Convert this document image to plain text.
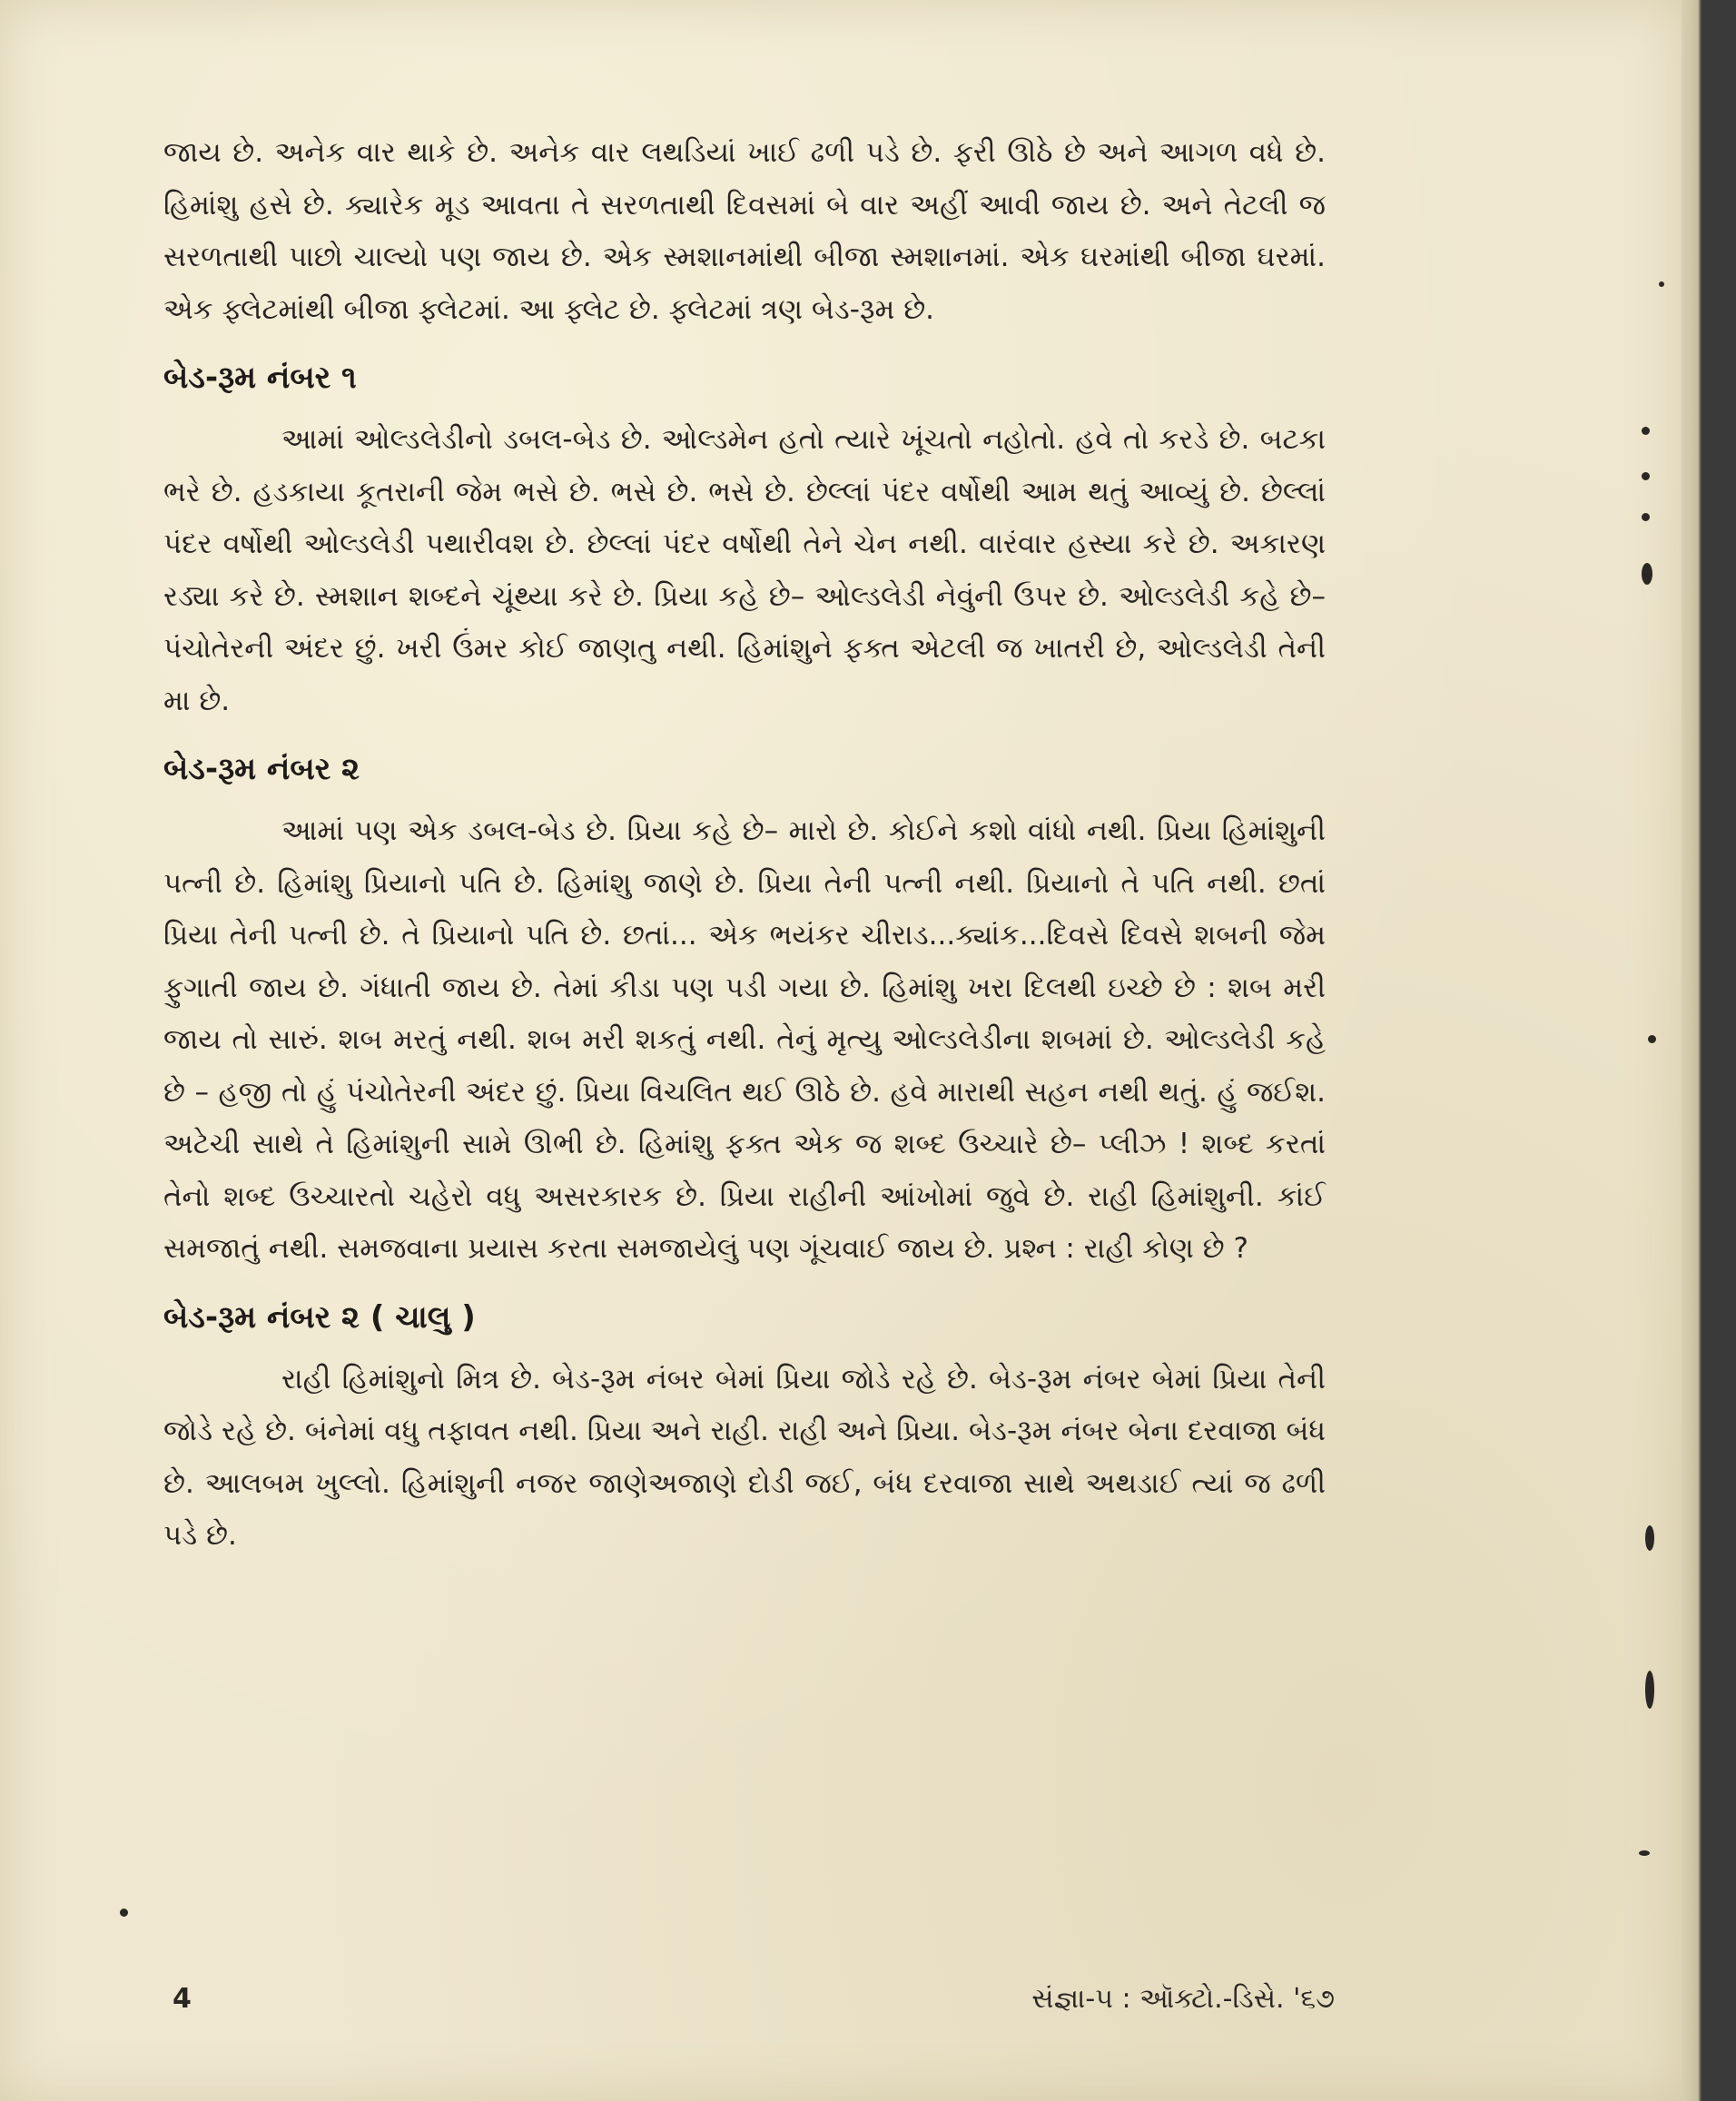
જાય છે. અનેક વાર થાકે છે. અનેક વાર લથડિયાં ખાઈ ઢળી પડે છે. ફરી ઊઠે છે અને આગળ વધે છે. હિમાંશુ હસે છે. ક્યારેક મૂડ આવતા તે સરળતાથી દિવસમાં બે વાર અહીં આવી જાય છે. અને તેટલી જ સરળતાથી પાછો ચાલ્યો પણ જાય છે. એક સ્મશાનમાંથી બીજા સ્મશાનમાં. એક ઘરમાંથી બીજા ઘરમાં. એક ફ્લેટમાંથી બીજા ફ્લેટમાં. આ ફ્લેટ છે. ફ્લેટમાં ત્રણ બેડ-રૂમ છે.

બેડ-રૂમ નંબર ૧

આમાં ઓલ્ડલેડીનો ડબલ-બેડ છે. ઓલ્ડમેન હતો ત્યારે ખૂંચતો નહોતો. હવે તો કરડે છે. બટકા ભરે છે. હડકાયા કૂતરાની જેમ ભસે છે. ભસે છે. ભસે છે. છેલ્લાં પંદર વર્ષોથી આમ થતું આવ્યું છે. છેલ્લાં પંદર વર્ષોથી ઓલ્ડલેડી પથારીવશ છે. છેલ્લાં પંદર વર્ષોથી તેને ચેન નથી. વારંવાર હસ્યા કરે છે. અકારણ રડ્યા કરે છે. સ્મશાન શબ્દને ચૂંથ્યા કરે છે. પ્રિયા કહે છે– ઓલ્ડલેડી નેવુંની ઉપર છે. ઓલ્ડલેડી કહે છે– પંચોતેરની અંદર છું. ખરી ઉંમર કોઈ જાણતુ નથી. હિમાંશુને ફક્ત એટલી જ ખાતરી છે, ઓલ્ડલેડી તેની મા છે.

બેડ-રૂમ નંબર ૨

આમાં પણ એક ડબલ-બેડ છે. પ્રિયા કહે છે– મારો છે. કોઈને કશો વાંધો નથી. પ્રિયા હિમાંશુની પત્ની છે. હિમાંશુ પ્રિયાનો પતિ છે. હિમાંશુ જાણે છે. પ્રિયા તેની પત્ની નથી. પ્રિયાનો તે પતિ નથી. છતાં પ્રિયા તેની પત્ની છે. તે પ્રિયાનો પતિ છે. છતાં... એક ભયંકર ચીરાડ...ક્યાંક...દિવસે દિવસે શબની જેમ ફુગાતી જાય છે. ગંધાતી જાય છે. તેમાં કીડા પણ પડી ગયા છે. હિમાંશુ ખરા દિલથી ઇચ્છે છે : શબ મરી જાય તો સારું. શબ મરતું નથી. શબ મરી શકતું નથી. તેનું મૃત્યુ ઓલ્ડલેડીના શબમાં છે. ઓલ્ડલેડી કહે છે – હજી તો હું પંચોતેરની અંદર છું. પ્રિયા વિચલિત થઈ ઊઠે છે. હવે મારાથી સહન નથી થતું. હું જઈશ. અટેચી સાથે તે હિમાંશુની સામે ઊભી છે. હિમાંશુ ફક્ત એક જ શબ્દ ઉચ્ચારે છે– પ્લીઝ ! શબ્દ કરતાં તેનો શબ્દ ઉચ્ચારતો ચહેરો વધુ અસરકારક છે. પ્રિયા રાહીની આંખોમાં જુવે છે. રાહી હિમાંશુની. કાંઈ સમજાતું નથી. સમજવાના પ્રયાસ કરતા સમજાયેલું પણ ગૂંચવાઈ જાય છે. પ્રશ્ન : રાહી કોણ છે ?

બેડ-રૂમ નંબર ૨ ( ચાલુ )

રાહી હિમાંશુનો મિત્ર છે. બેડ-રૂમ નંબર બેમાં પ્રિયા જોડે રહે છે. બેડ-રૂમ નંબર બેમાં પ્રિયા તેની જોડે રહે છે. બંનેમાં વધુ તફાવત નથી. પ્રિયા અને રાહી. રાહી અને પ્રિયા. બેડ-રૂમ નંબર બેના દરવાજા બંધ છે. આલબમ ખુલ્લો. હિમાંશુની નજર જાણેઅજાણે દોડી જઈ, બંધ દરવાજા સાથે અથડાઈ ત્યાં જ ઢળી પડે છે.

4	સંજ્ઞા-૫ : ઑક્ટો.-ડિસે. '૬૭
